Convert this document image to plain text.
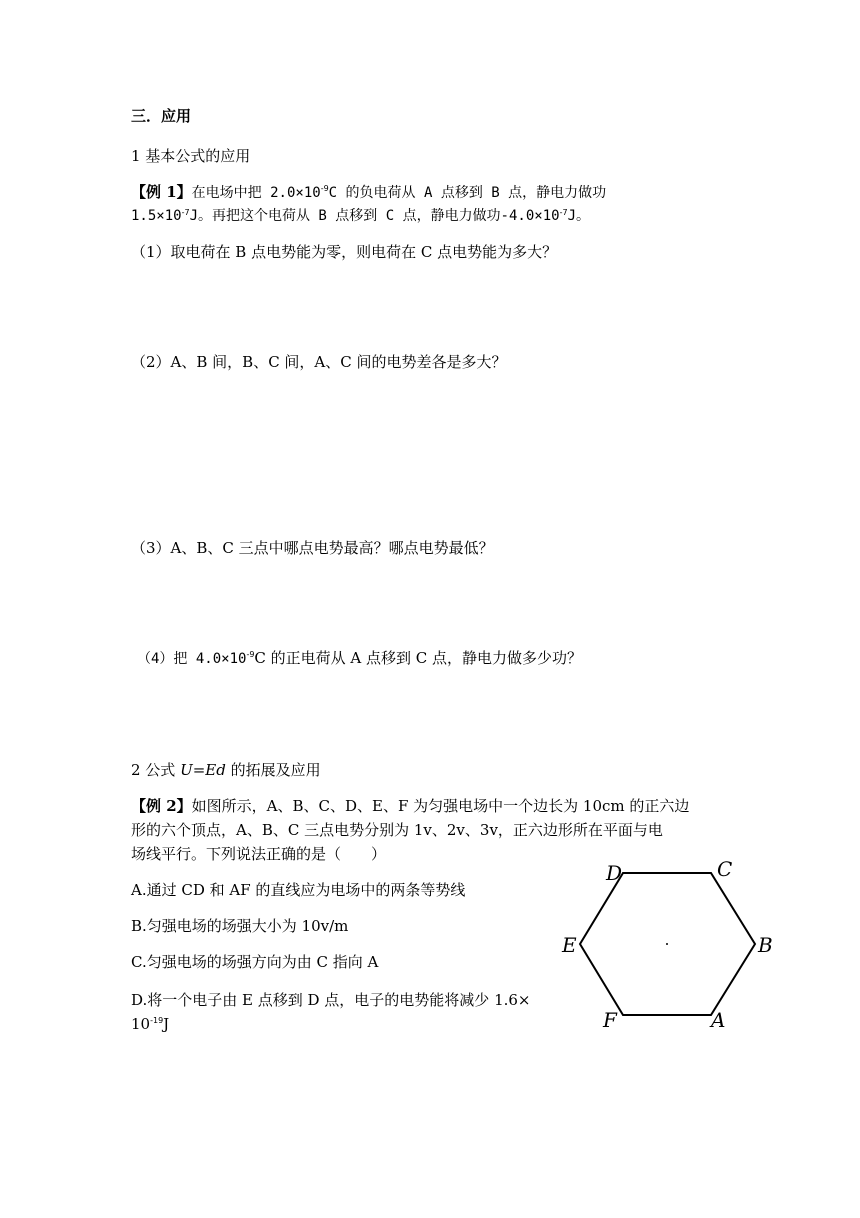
三．应用
1 基本公式的应用
【例 1】在电场中把 $2.0\times 10^{-9}C$ 的负电荷从 A 点移到 B 点，静电力做功
$1.5\times 10^{-7}J$。再把这个电荷从 B 点移到 C 点，静电力做功$-4.0\times 10^{-7}J$。
（1）取电荷在 B 点电势能为零，则电荷在 C 点电势能为多大？
（2）A、B 间，B、C 间，A、C 间的电势差各是多大？
（3）A、B、C 三点中哪点电势最高？哪点电势最低？
（4）把 $4.0\times 10^{-9}C$ 的正电荷从 A 点移到 C 点，静电力做多少功？
2 公式 U=Ed 的拓展及应用
【例 2】如图所示，A、B、C、D、E、F 为匀强电场中一个边长为 10cm 的正六边
形的六个顶点，A、B、C 三点电势分别为 1v、2v、3v，正六边形所在平面与电
场线平行。下列说法正确的是（　　）
A.通过 CD 和 AF 的直线应为电场中的两条等势线
B.匀强电场的场强大小为 10v/m
C.匀强电场的场强方向为由 C 指向 A
D.将一个电子由 E 点移到 D 点，电子的电势能将减少 1.6×
$10^{-19}J$
D	C
E	B
F	A
